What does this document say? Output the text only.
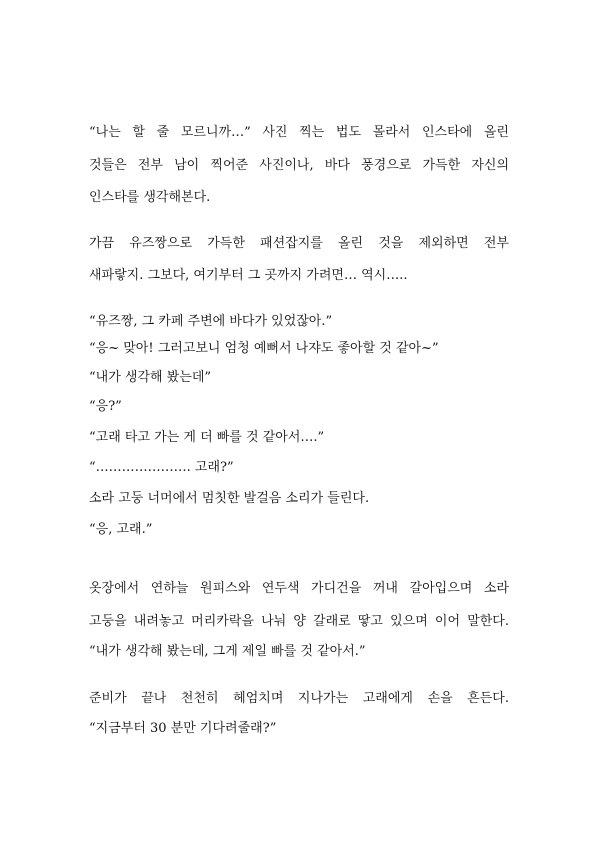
“나는 할 줄 모르니까…” 사진 찍는 법도 몰라서 인스타에 올린
것들은 전부 남이 찍어준 사진이나, 바다 풍경으로 가득한 자신의
인스타를 생각해본다.
가끔 유즈짱으로 가득한 패션잡지를 올린 것을 제외하면 전부
새파랗지. 그보다, 여기부터 그 곳까지 가려면… 역시…..
“유즈짱, 그 카페 주변에 바다가 있었잖아.”
“응~ 맞아! 그러고보니 엄청 예뻐서 나쟈도 좋아할 것 같아~”
“내가 생각해 봤는데”
“응?”
“고래 타고 가는 게 더 빠를 것 같아서….”
“…………………. 고래?”
소라 고둥 너머에서 멈칫한 발걸음 소리가 들린다.
“응, 고래.”
옷장에서 연하늘 원피스와 연두색 가디건을 꺼내 갈아입으며 소라
고둥을 내려놓고 머리카락을 나눠 양 갈래로 땋고 있으며 이어 말한다.
“내가 생각해 봤는데, 그게 제일 빠를 것 같아서.”
준비가 끝나 천천히 헤엄치며 지나가는 고래에게 손을 흔든다.
“지금부터 30 분만 기다려줄래?”
